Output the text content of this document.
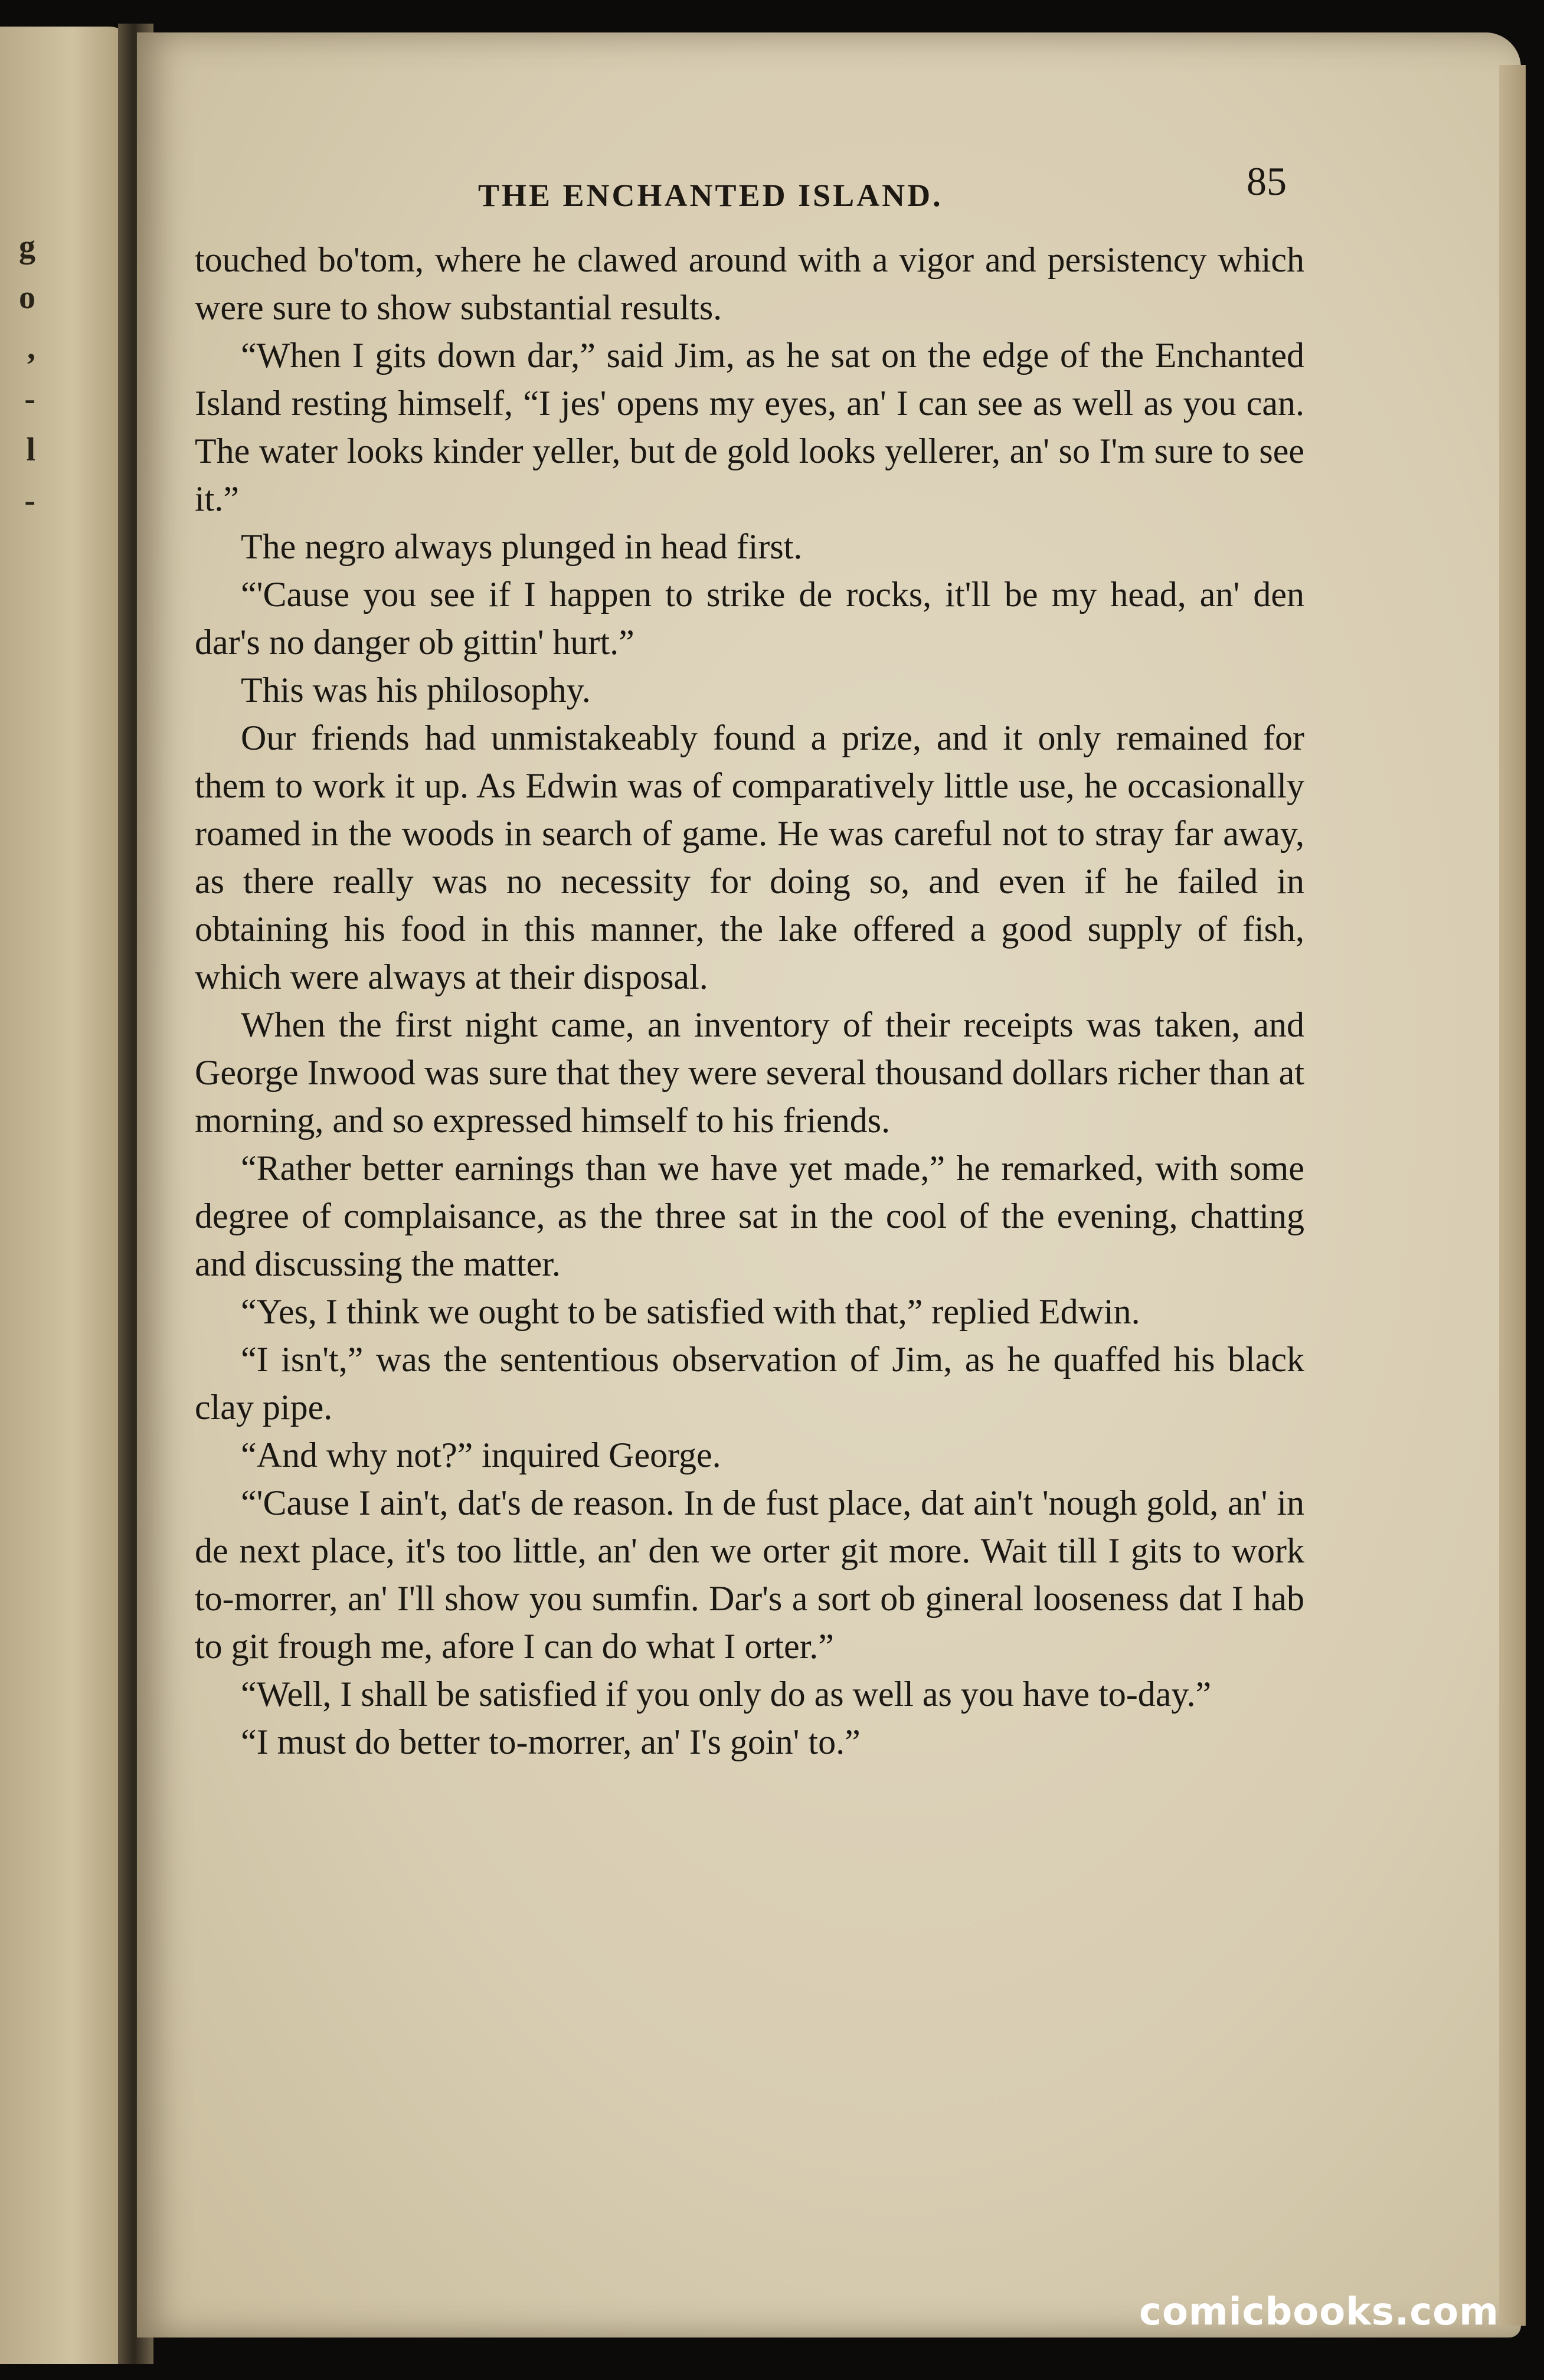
g
o
,
-
l
-
THE ENCHANTED ISLAND.	85

touched bo'tom, where he clawed around with a vigor and persistency which were sure to show substantial results.

“When I gits down dar,” said Jim, as he sat on the edge of the Enchanted Island resting himself, “I jes' opens my eyes, an' I can see as well as you can. The water looks kinder yeller, but de gold looks yellerer, an' so I'm sure to see it.”

The negro always plunged in head first.

“'Cause you see if I happen to strike de rocks, it'll be my head, an' den dar's no danger ob gittin' hurt.”

This was his philosophy.

Our friends had unmistakeably found a prize, and it only remained for them to work it up. As Edwin was of comparatively little use, he occasionally roamed in the woods in search of game. He was careful not to stray far away, as there really was no necessity for doing so, and even if he failed in obtaining his food in this manner, the lake offered a good supply of fish, which were always at their disposal.

When the first night came, an inventory of their receipts was taken, and George Inwood was sure that they were several thousand dollars richer than at morning, and so expressed himself to his friends.

“Rather better earnings than we have yet made,” he remarked, with some degree of complaisance, as the three sat in the cool of the evening, chatting and discussing the matter.

“Yes, I think we ought to be satisfied with that,” replied Edwin.

“I isn't,” was the sententious observation of Jim, as he quaffed his black clay pipe.

“And why not?” inquired George.

“'Cause I ain't, dat's de reason. In de fust place, dat ain't 'nough gold, an' in de next place, it's too little, an' den we orter git more. Wait till I gits to work to-morrer, an' I'll show you sumfin. Dar's a sort ob gineral looseness dat I hab to git frough me, afore I can do what I orter.”

“Well, I shall be satisfied if you only do as well as you have to-day.”

“I must do better to-morrer, an' I's goin' to.”

comicbooks.com
